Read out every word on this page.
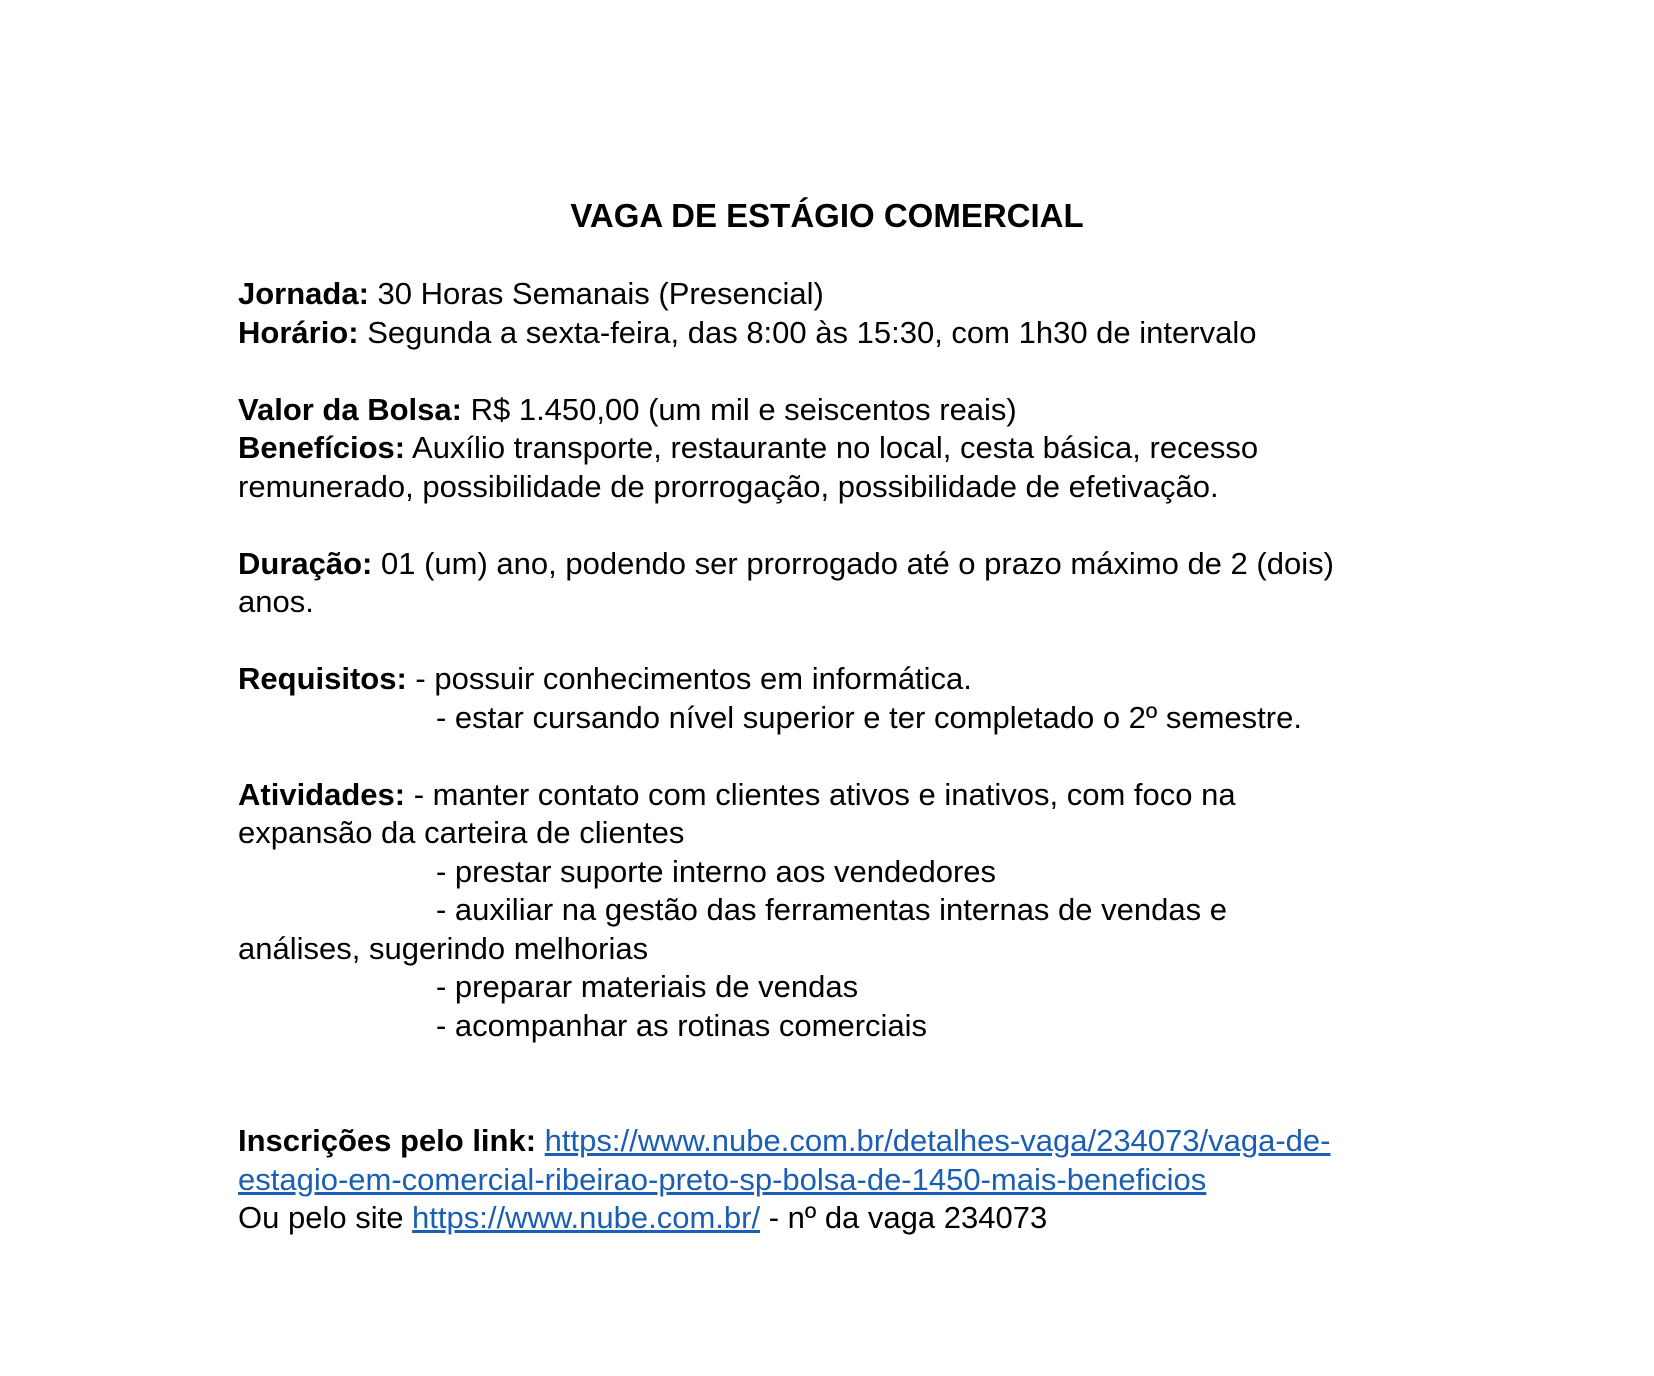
VAGA DE ESTÁGIO COMERCIAL
Jornada: 30 Horas Semanais (Presencial)
Horário: Segunda a sexta-feira, das 8:00 às 15:30, com 1h30 de intervalo
Valor da Bolsa: R$ 1.450,00 (um mil e seiscentos reais)
Benefícios: Auxílio transporte, restaurante no local, cesta básica, recesso
remunerado, possibilidade de prorrogação, possibilidade de efetivação.
Duração: 01 (um) ano, podendo ser prorrogado até o prazo máximo de 2 (dois)
anos.
Requisitos: - possuir conhecimentos em informática.
- estar cursando nível superior e ter completado o 2º semestre.
Atividades: - manter contato com clientes ativos e inativos, com foco na
expansão da carteira de clientes
- prestar suporte interno aos vendedores
- auxiliar na gestão das ferramentas internas de vendas e
análises, sugerindo melhorias
- preparar materiais de vendas
- acompanhar as rotinas comerciais
Inscrições pelo link: https://www.nube.com.br/detalhes-vaga/234073/vaga-de-
estagio-em-comercial-ribeirao-preto-sp-bolsa-de-1450-mais-beneficios
Ou pelo site https://www.nube.com.br/ - nº da vaga 234073
